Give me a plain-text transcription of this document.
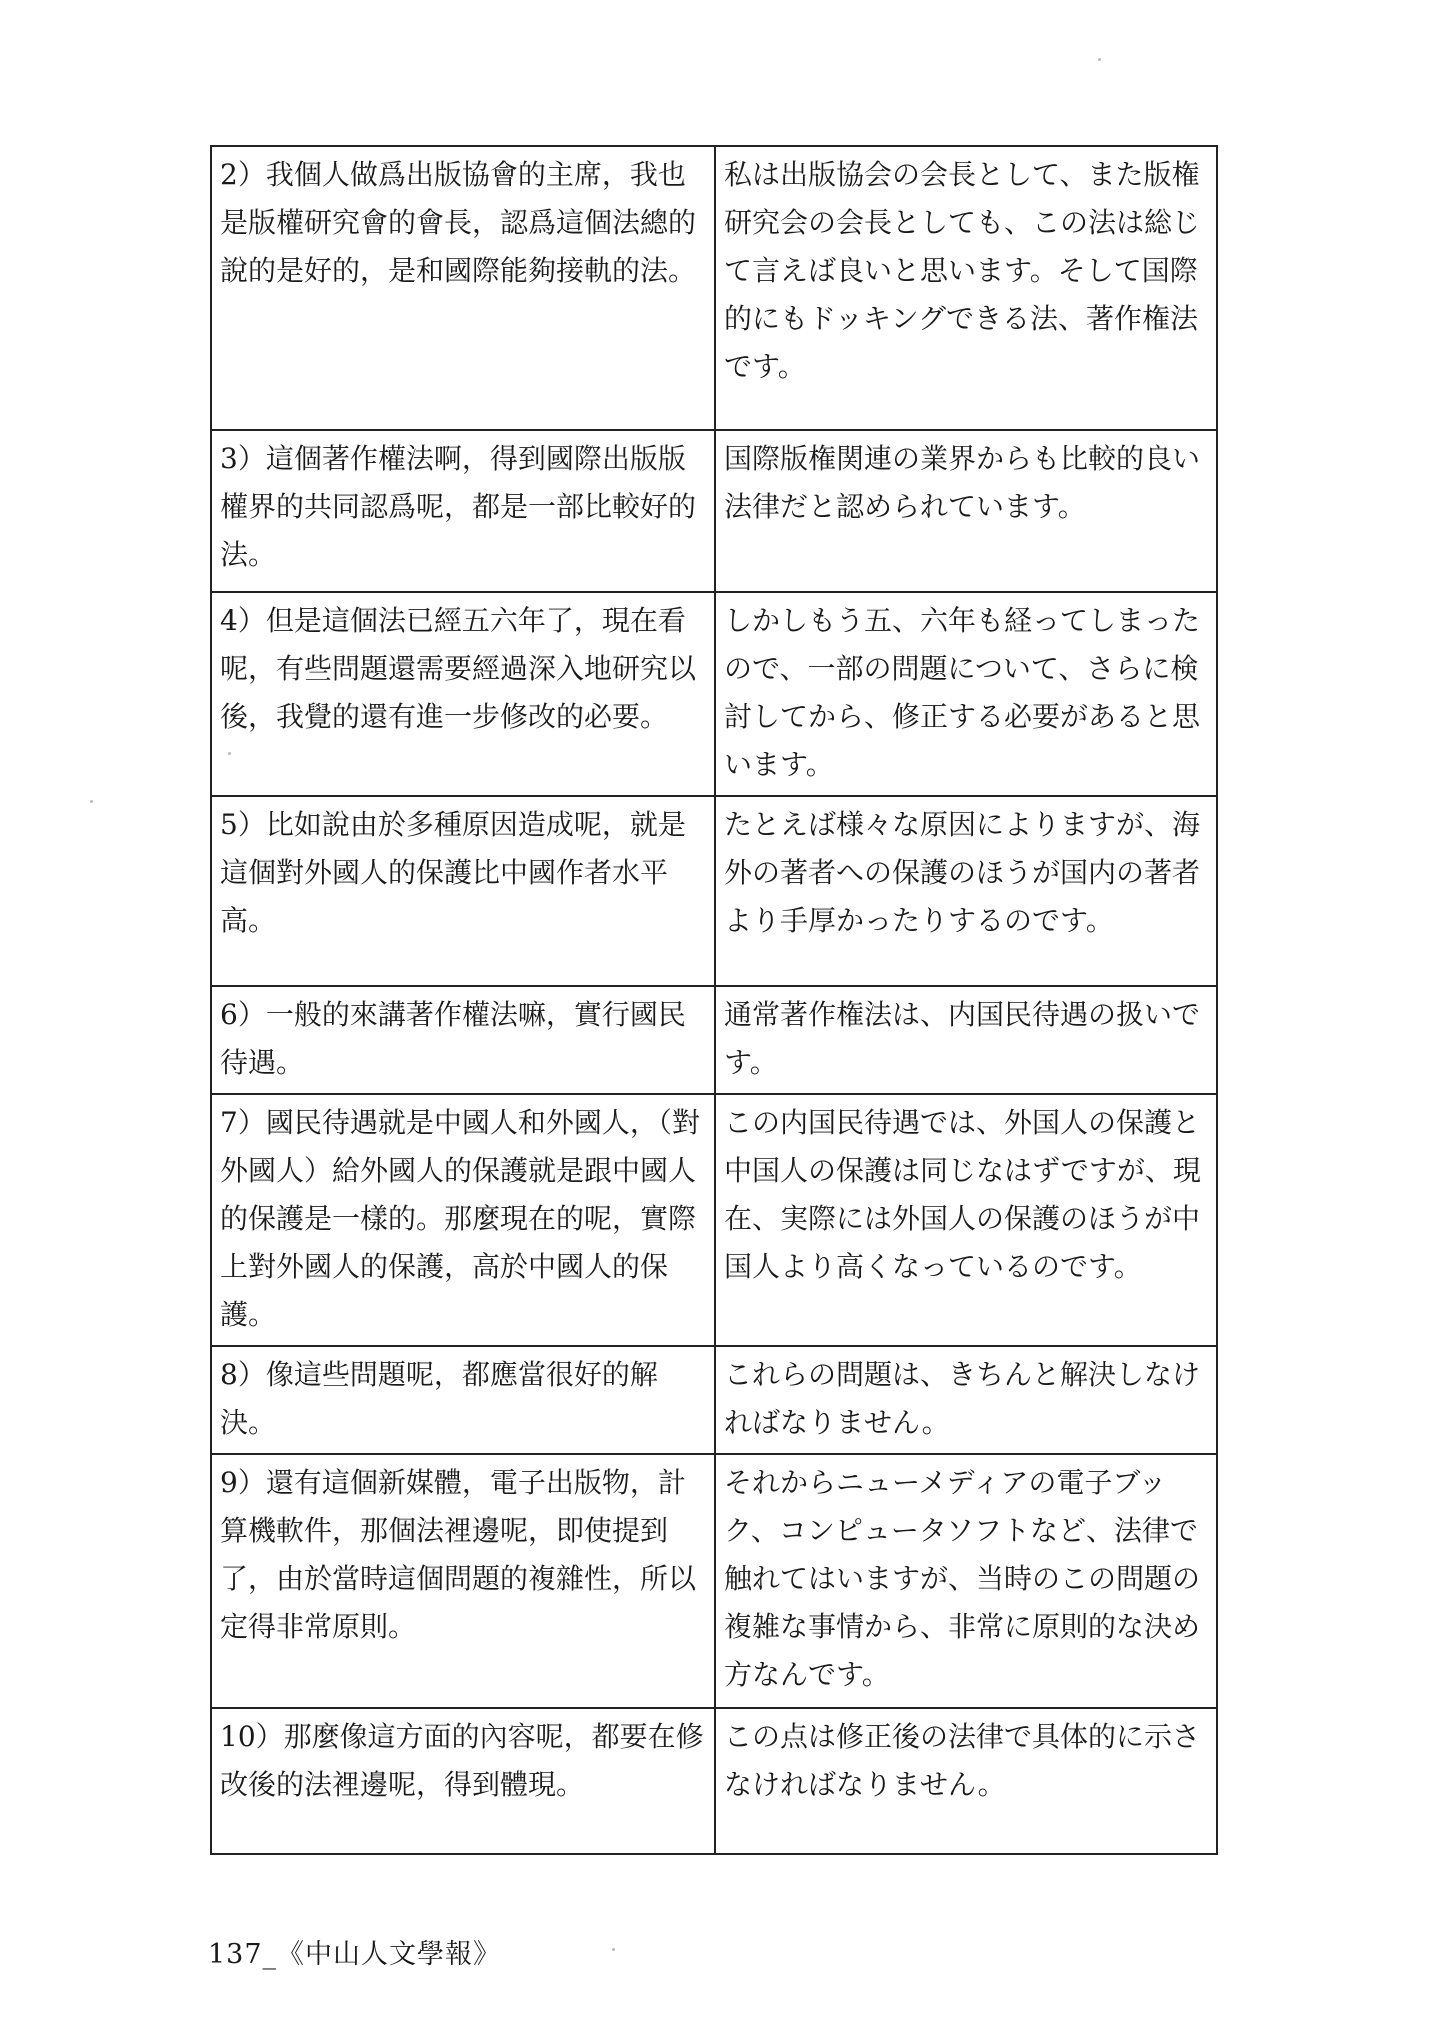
2）我個人做爲出版協會的主席，我也是版權研究會的會長，認爲這個法總的說的是好的，是和國際能夠接軌的法。	私は出版協会の会長として、また版権研究会の会長としても、この法は総じて言えば良いと思います。そして国際的にもドッキングできる法、著作権法です。
3）這個著作權法啊，得到國際出版版權界的共同認爲呢，都是一部比較好的法。	国際版権関連の業界からも比較的良い法律だと認められています。
4）但是這個法已經五六年了，現在看呢，有些問題還需要經過深入地研究以後，我覺的還有進一步修改的必要。	しかしもう五、六年も経ってしまったので、一部の問題について、さらに検討してから、修正する必要があると思います。
5）比如說由於多種原因造成呢，就是這個對外國人的保護比中國作者水平高。	たとえば様々な原因によりますが、海外の著者への保護のほうが国内の著者より手厚かったりするのです。
6）一般的來講著作權法嘛，實行國民待遇。	通常著作権法は、内国民待遇の扱いです。
7）國民待遇就是中國人和外國人，（對外國人）給外國人的保護就是跟中國人的保護是一樣的。那麼現在的呢，實際上對外國人的保護，高於中國人的保護。	この内国民待遇では、外国人の保護と中国人の保護は同じなはずですが、現在、実際には外国人の保護のほうが中国人より高くなっているのです。
8）像這些問題呢，都應當很好的解決。	これらの問題は、きちんと解決しなければなりません。
9）還有這個新媒體，電子出版物，計算機軟件，那個法裡邊呢，即使提到了，由於當時這個問題的複雜性，所以定得非常原則。	それからニューメディアの電子ブック、コンピュータソフトなど、法律で触れてはいますが、当時のこの問題の複雑な事情から、非常に原則的な決め方なんです。
10）那麼像這方面的內容呢，都要在修改後的法裡邊呢，得到體現。	この点は修正後の法律で具体的に示さなければなりません。
137_《中山人文學報》
